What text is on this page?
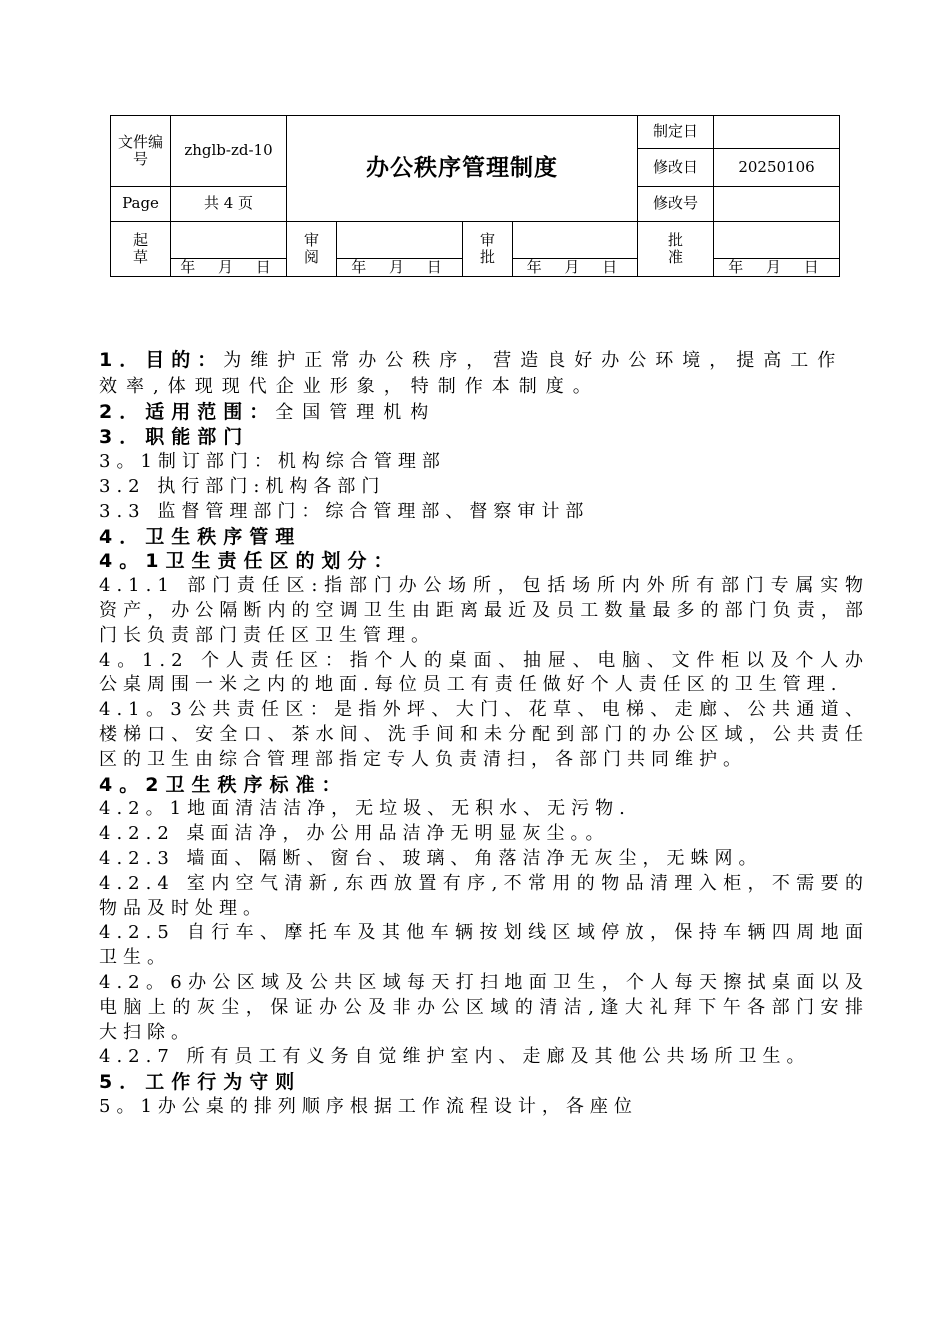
文件编号	zhglb-zd-10	办公秩序管理制度				制定日	
						修改日	20250106
Page	共 4 页					修改号	
起草		审阅		审批		批准	
	年 月 日		年 月 日		年 月 日		年 月 日
1．目的：为维护正常办公秩序，营造良好办公环境，提高工作效率,体现现代企业形象，特制作本制度。
2．适用范围：全国管理机构
3．职能部门

3。1制订部门：机构综合管理部

3.2 执行部门:机构各部门

3.3 监督管理部门：综合管理部、督察审计部

4．卫生秩序管理
4。1卫生责任区的划分：

4.1.1 部门责任区:指部门办公场所，包括场所内外所有部门专属实物资产，办公隔断内的空调卫生由距离最近及员工数量最多的部门负责，部门长负责部门责任区卫生管理。

4。1.2 个人责任区：指个人的桌面、抽屉、电脑、文件柜以及个人办公桌周围一米之内的地面.每位员工有责任做好个人责任区的卫生管理.

4.1。3公共责任区：是指外坪、大门、花草、电梯、走廊、公共通道、楼梯口、安全口、茶水间、洗手间和未分配到部门的办公区域，公共责任区的卫生由综合管理部指定专人负责清扫，各部门共同维护。

4。2卫生秩序标准：

4.2。1地面清洁洁净，无垃圾、无积水、无污物.

4.2.2 桌面洁净，办公用品洁净无明显灰尘。。

4.2.3 墙面、隔断、窗台、玻璃、角落洁净无灰尘，无蛛网。

4.2.4 室内空气清新,东西放置有序,不常用的物品清理入柜，不需要的物品及时处理。

4.2.5 自行车、摩托车及其他车辆按划线区域停放，保持车辆四周地面卫生。

4.2。6办公区域及公共区域每天打扫地面卫生，个人每天擦拭桌面以及电脑上的灰尘，保证办公及非办公区域的清洁,逢大礼拜下午各部门安排大扫除。

4.2.7 所有员工有义务自觉维护室内、走廊及其他公共场所卫生。

5．工作行为守则

5。1办公桌的排列顺序根据工作流程设计，各座位
